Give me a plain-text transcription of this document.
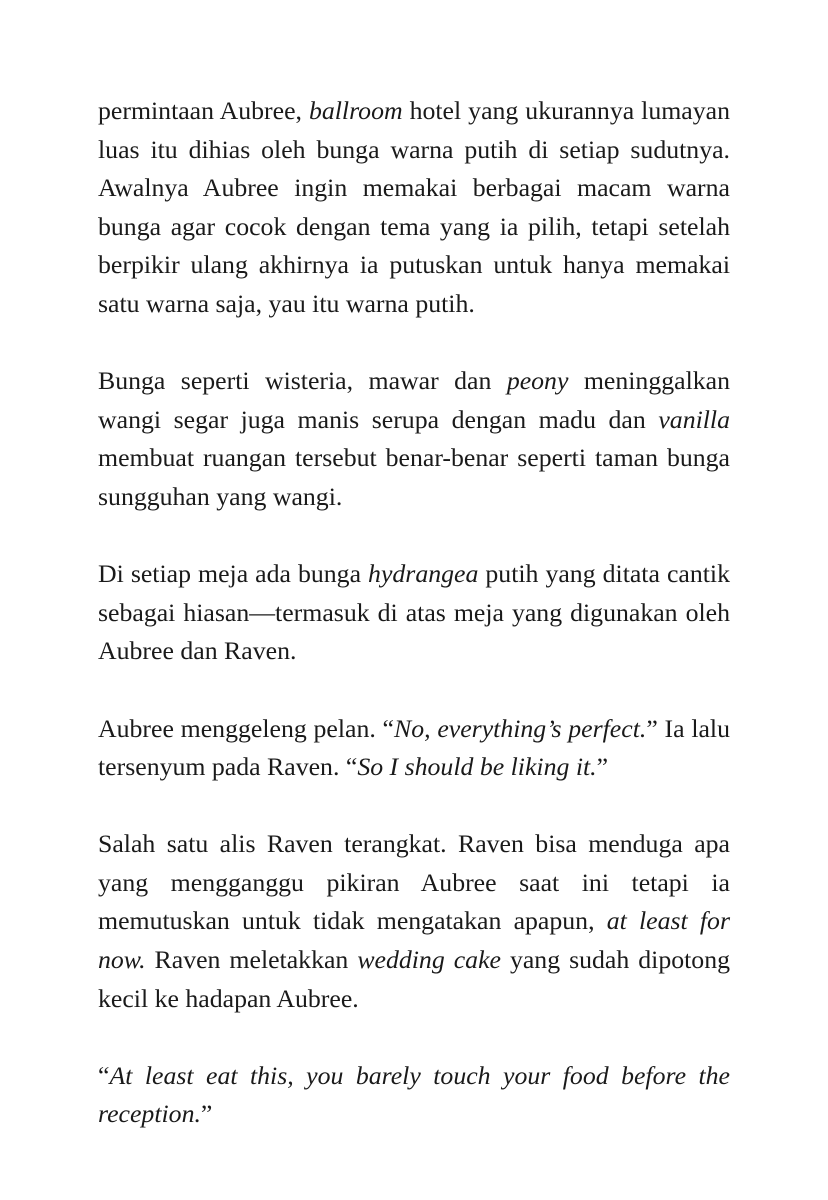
permintaan Aubree, ballroom hotel yang ukurannya lumayan luas itu dihias oleh bunga warna putih di setiap sudutnya. Awalnya Aubree ingin memakai berbagai macam warna bunga agar cocok dengan tema yang ia pilih, tetapi setelah berpikir ulang akhirnya ia putuskan untuk hanya memakai satu warna saja, yau itu warna putih.

Bunga seperti wisteria, mawar dan peony meninggalkan wangi segar juga manis serupa dengan madu dan vanilla membuat ruangan tersebut benar-benar seperti taman bunga sungguhan yang wangi.

Di setiap meja ada bunga hydrangea putih yang ditata cantik sebagai hiasan—termasuk di atas meja yang digunakan oleh Aubree dan Raven.

Aubree menggeleng pelan. “No, everything’s perfect.” Ia lalu tersenyum pada Raven. “So I should be liking it.”

Salah satu alis Raven terangkat. Raven bisa menduga apa yang mengganggu pikiran Aubree saat ini tetapi ia memutuskan untuk tidak mengatakan apapun, at least for now. Raven meletakkan wedding cake yang sudah dipotong kecil ke hadapan Aubree.

“At least eat this, you barely touch your food before the reception.”
